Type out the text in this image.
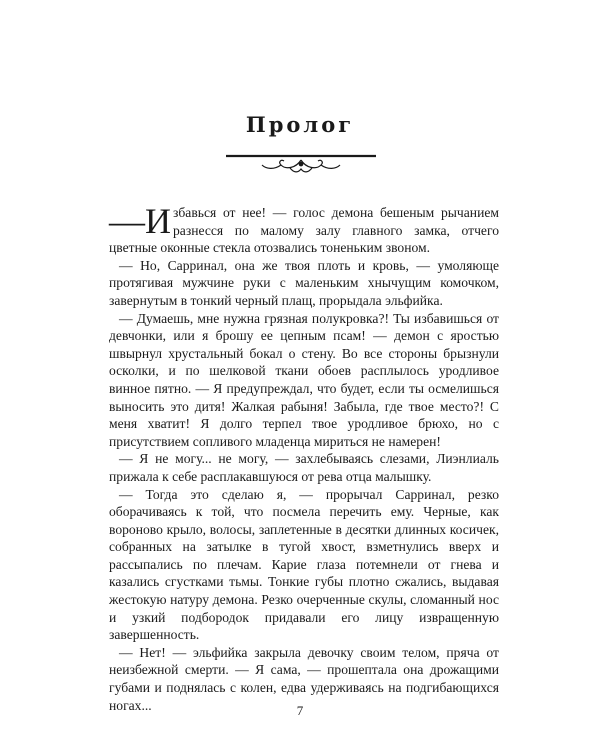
Пролог

—И збавься от нее! — голос демона бешеным рычанием разнесся по малому залу главного замка, отчего цветные оконные стекла отозвались тоненьким звоном.

— Но, Сарринал, она же твоя плоть и кровь, — умоляюще протягивая мужчине руки с маленьким хнычущим комочком, завернутым в тонкий черный плащ, прорыдала эльфийка.

— Думаешь, мне нужна грязная полукровка?! Ты избавишься от девчонки, или я брошу ее цепным псам! — демон с яростью швырнул хрустальный бокал о стену. Во все стороны брызнули осколки, и по шелковой ткани обоев расплылось уродливое винное пятно. — Я предупреждал, что будет, если ты осмелишься выносить это дитя! Жалкая рабыня! Забыла, где твое место?! С меня хватит! Я долго терпел твое уродливое брюхо, но с присутствием сопливого младенца мириться не намерен!

— Я не могу... не могу, — захлебываясь слезами, Лиэнлиаль прижала к себе расплакавшуюся от рева отца малышку.

— Тогда это сделаю я, — прорычал Сарринал, резко оборачиваясь к той, что посмела перечить ему. Черные, как вороново крыло, волосы, заплетенные в десятки длинных косичек, собранных на затылке в тугой хвост, взметнулись вверх и рассыпались по плечам. Карие глаза потемнели от гнева и казались сгустками тьмы. Тонкие губы плотно сжались, выдавая жестокую натуру демона. Резко очерченные скулы, сломанный нос и узкий подбородок придавали его лицу извращенную завершенность.

— Нет! — эльфийка закрыла девочку своим телом, пряча от неизбежной смерти. — Я сама, — прошептала она дрожащими губами и поднялась с колен, едва удерживаясь на подгибающихся ногах...	7
